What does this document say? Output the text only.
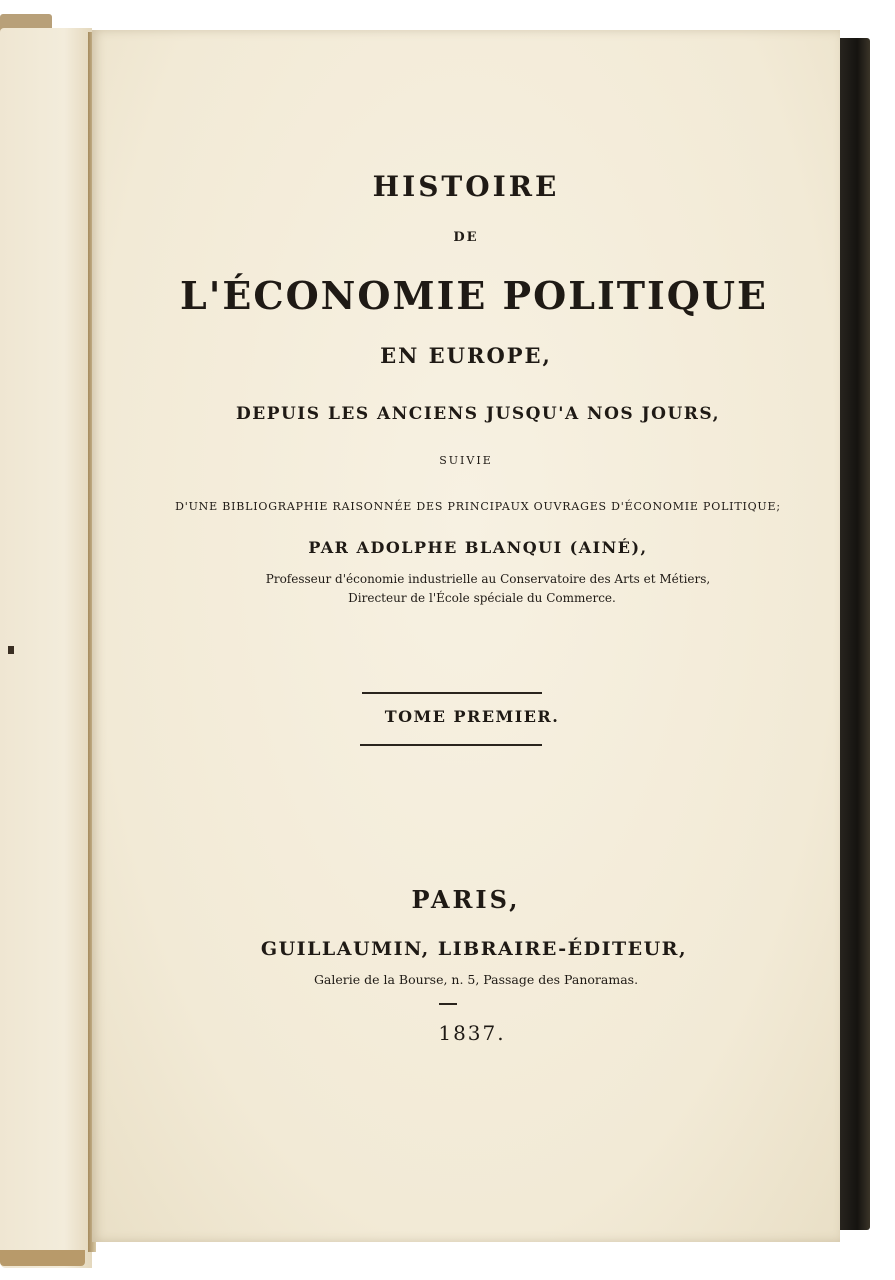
HISTOIRE

DE

L'ÉCONOMIE POLITIQUE

EN EUROPE,

DEPUIS LES ANCIENS JUSQU'A NOS JOURS,

SUIVIE

D'UNE BIBLIOGRAPHIE RAISONNÉE DES PRINCIPAUX OUVRAGES D'ÉCONOMIE POLITIQUE;

PAR ADOLPHE BLANQUI (AINÉ),

Professeur d'économie industrielle au Conservatoire des Arts et Métiers,

Directeur de l'École spéciale du Commerce.

TOME PREMIER.

PARIS,

GUILLAUMIN, LIBRAIRE-ÉDITEUR,

Galerie de la Bourse, n. 5, Passage des Panoramas.

1837.
